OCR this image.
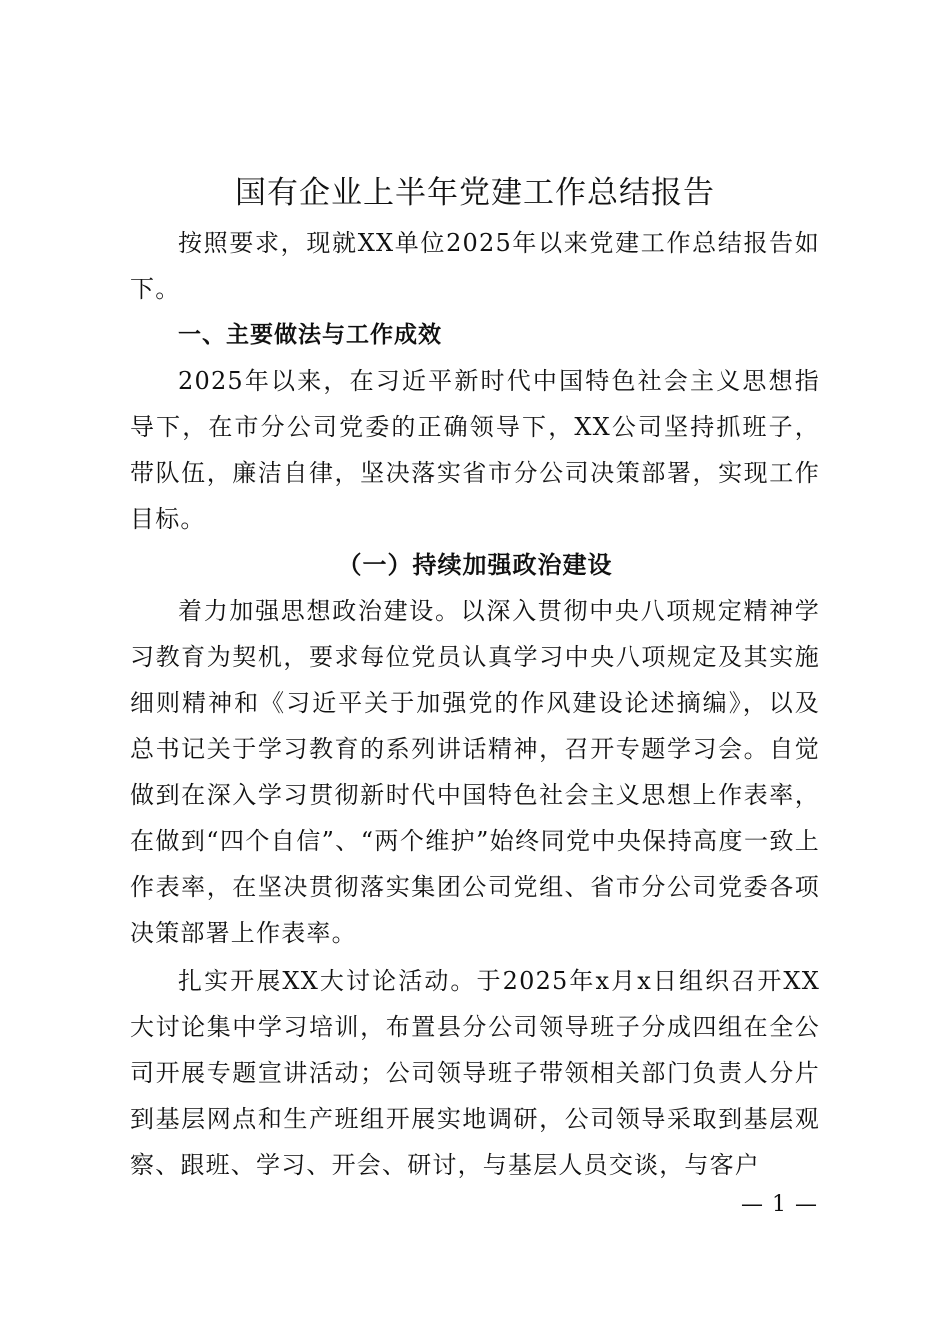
国有企业上半年党建工作总结报告

按照要求，现就XX单位2025年以来党建工作总结报告如下。

一、主要做法与工作成效

2025年以来，在习近平新时代中国特色社会主义思想指导下，在市分公司党委的正确领导下，XX公司坚持抓班子，带队伍，廉洁自律，坚决落实省市分公司决策部署，实现工作目标。

（一）持续加强政治建设

着力加强思想政治建设。以深入贯彻中央八项规定精神学习教育为契机，要求每位党员认真学习中央八项规定及其实施细则精神和《习近平关于加强党的作风建设论述摘编》，以及总书记关于学习教育的系列讲话精神，召开专题学习会。自觉做到在深入学习贯彻新时代中国特色社会主义思想上作表率，在做到“四个自信”、“两个维护”始终同党中央保持高度一致上作表率，在坚决贯彻落实集团公司党组、省市分公司党委各项决策部署上作表率。

扎实开展XX大讨论活动。于2025年x月x日组织召开XX大讨论集中学习培训，布置县分公司领导班子分成四组在全公司开展专题宣讲活动；公司领导班子带领相关部门负责人分片到基层网点和生产班组开展实地调研，公司领导采取到基层观察、跟班、学习、开会、研讨，与基层人员交谈，与客户

— 1 —
